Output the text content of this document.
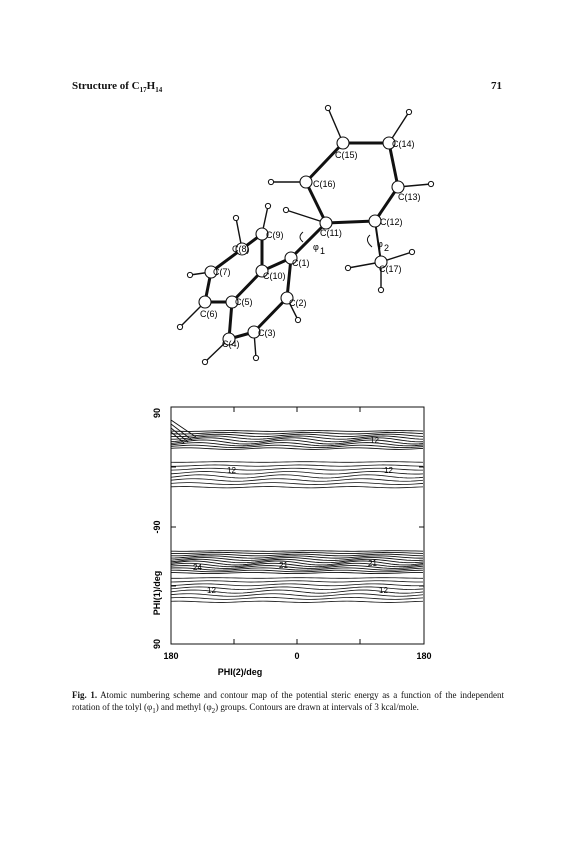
Structure of $C_{17}H_{14}$	71
C(15)
C(14)
C(16)
C(13)
C(12)
C(11)
C(9)
C(8)
C(1)
C(17)
C(7)	C(10)
C(2)
C(6)
C(5)
C(3)
C(4)
φ 1
φ 2
90
-90
90
PHI(1)/deg
180	0	180
PHI(2)/deg
12
12	12
24	21	21
12	12
Fig. 1. Atomic numbering scheme and contour map of the potential steric energy as a function of the independent rotation of the tolyl $(\varphi_1)$ and methyl $(\varphi_2)$ groups. Contours are drawn at intervals of 3 kcal/mole.
